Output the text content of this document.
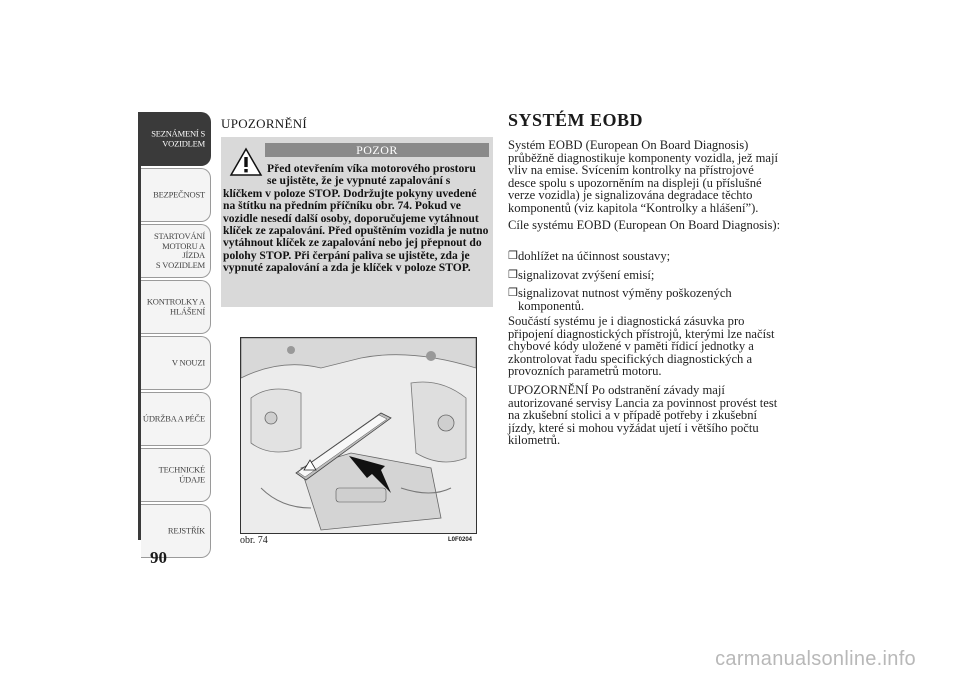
SEZNÁMENÍ S
VOZIDLEM
BEZPEČNOST
STARTOVÁNÍ
MOTORU A JÍZDA
S VOZIDLEM
KONTROLKY A
HLÁŠENÍ
V NOUZI
ÚDRŽBA A PÉČE
TECHNICKÉ
ÚDAJE
REJSTŘÍK
90
UPOZORNĚNÍ
POZOR
Před otevřením víka motorového prostoru
se ujistěte, že je vypnuté zapalování s
klíčkem v poloze STOP. Dodržujte pokyny uvedené na štítku na předním příčníku obr. 74. Pokud ve vozidle nesedí další osoby, doporučujeme vytáhnout klíček ze zapalování. Před opuštěním vozidla je nutno vytáhnout klíček ze zapalování nebo jej přepnout do polohy STOP. Při čerpání paliva se ujistěte, zda je vypnuté zapalování a zda je klíček v poloze STOP.
obr. 74	L0F0204
SYSTÉM EOBD
Systém EOBD (European On Board Diagnosis) průběžně diagnostikuje komponenty vozidla, jež mají vliv na emise. Svícením kontrolky na přístrojové desce spolu s upozorněním na displeji (u příslušné verze vozidla) je signalizována degradace těchto komponentů (viz kapitola “Kontrolky a hlášení”).
Cíle systému EOBD (European On Board Diagnosis):
❒ dohlížet na účinnost soustavy;
❒ signalizovat zvýšení emisí;
❒ signalizovat nutnost výměny poškozených komponentů.
Součástí systému je i diagnostická zásuvka pro připojení diagnostických přístrojů, kterými lze načíst chybové kódy uložené v paměti řídicí jednotky a zkontrolovat řadu specifických diagnostických a provozních parametrů motoru.
UPOZORNĚNÍ Po odstranění závady mají autorizované servisy Lancia za povinnost provést test na zkušební stolici a v případě potřeby i zkušební jízdy, které si mohou vyžádat ujetí i většího počtu kilometrů.
carmanualsonline.info
